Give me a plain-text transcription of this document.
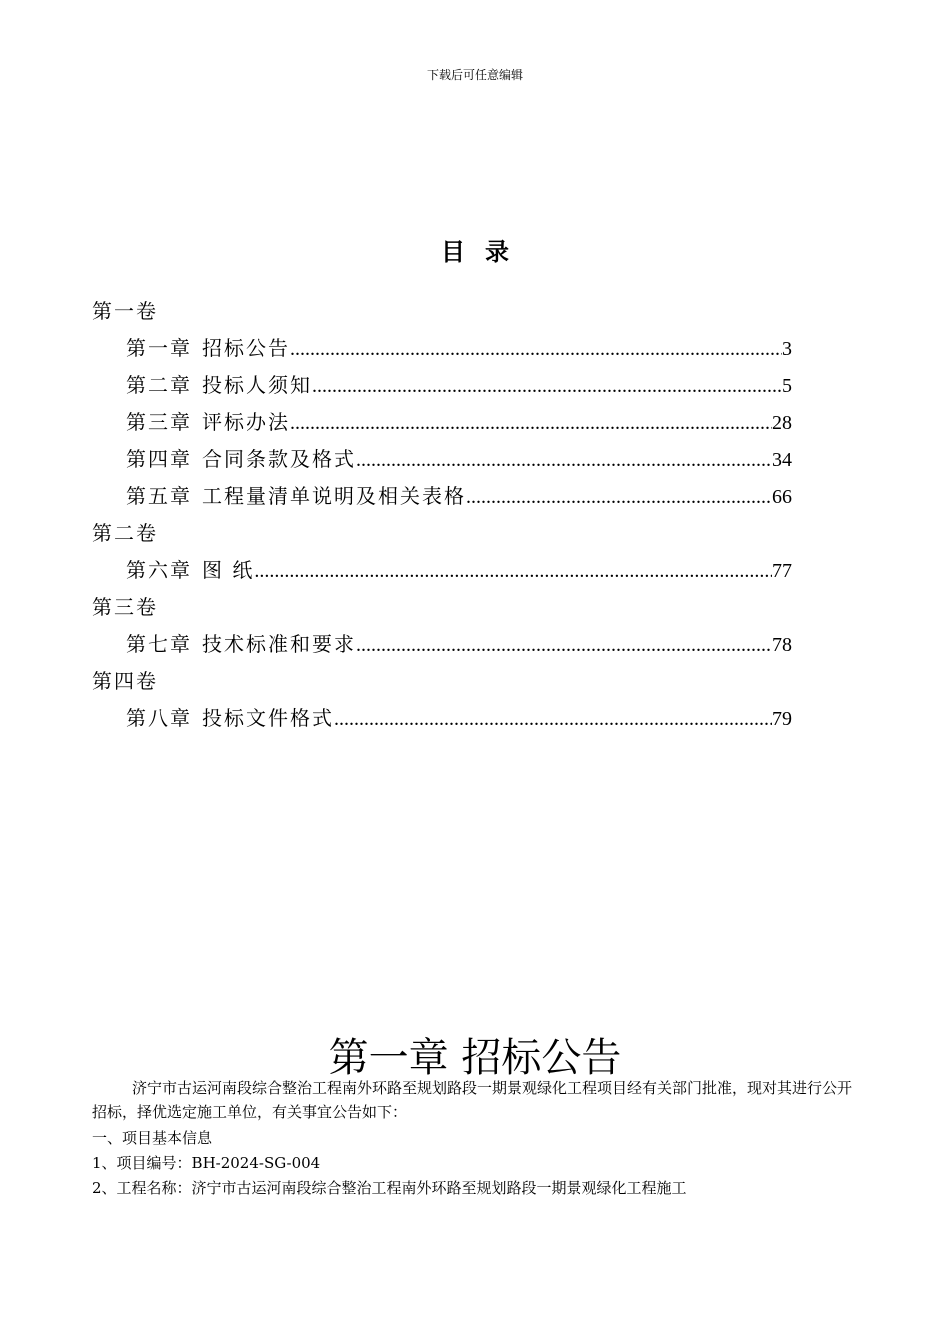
下载后可任意编辑
目录
第一卷
第一章 招标公告 .....	3
第二章 投标人须知 .....	5
第三章 评标办法 .....	28
第四章 合同条款及格式 .....	34
第五章 工程量清单说明及相关表格 .....	66
第二卷
第六章 图 纸 .....	77
第三卷
第七章 技术标准和要求 .....	78
第四卷
第八章 投标文件格式 .....	79
第一章 招标公告
济宁市古运河南段综合整治工程南外环路至规划路段一期景观绿化工程项目经有关部门批准，现对其进行公开招标，择优选定施工单位，有关事宜公告如下：
一、项目基本信息
1、项目编号：BH-2024-SG-004
2、工程名称：济宁市古运河南段综合整治工程南外环路至规划路段一期景观绿化工程施工
